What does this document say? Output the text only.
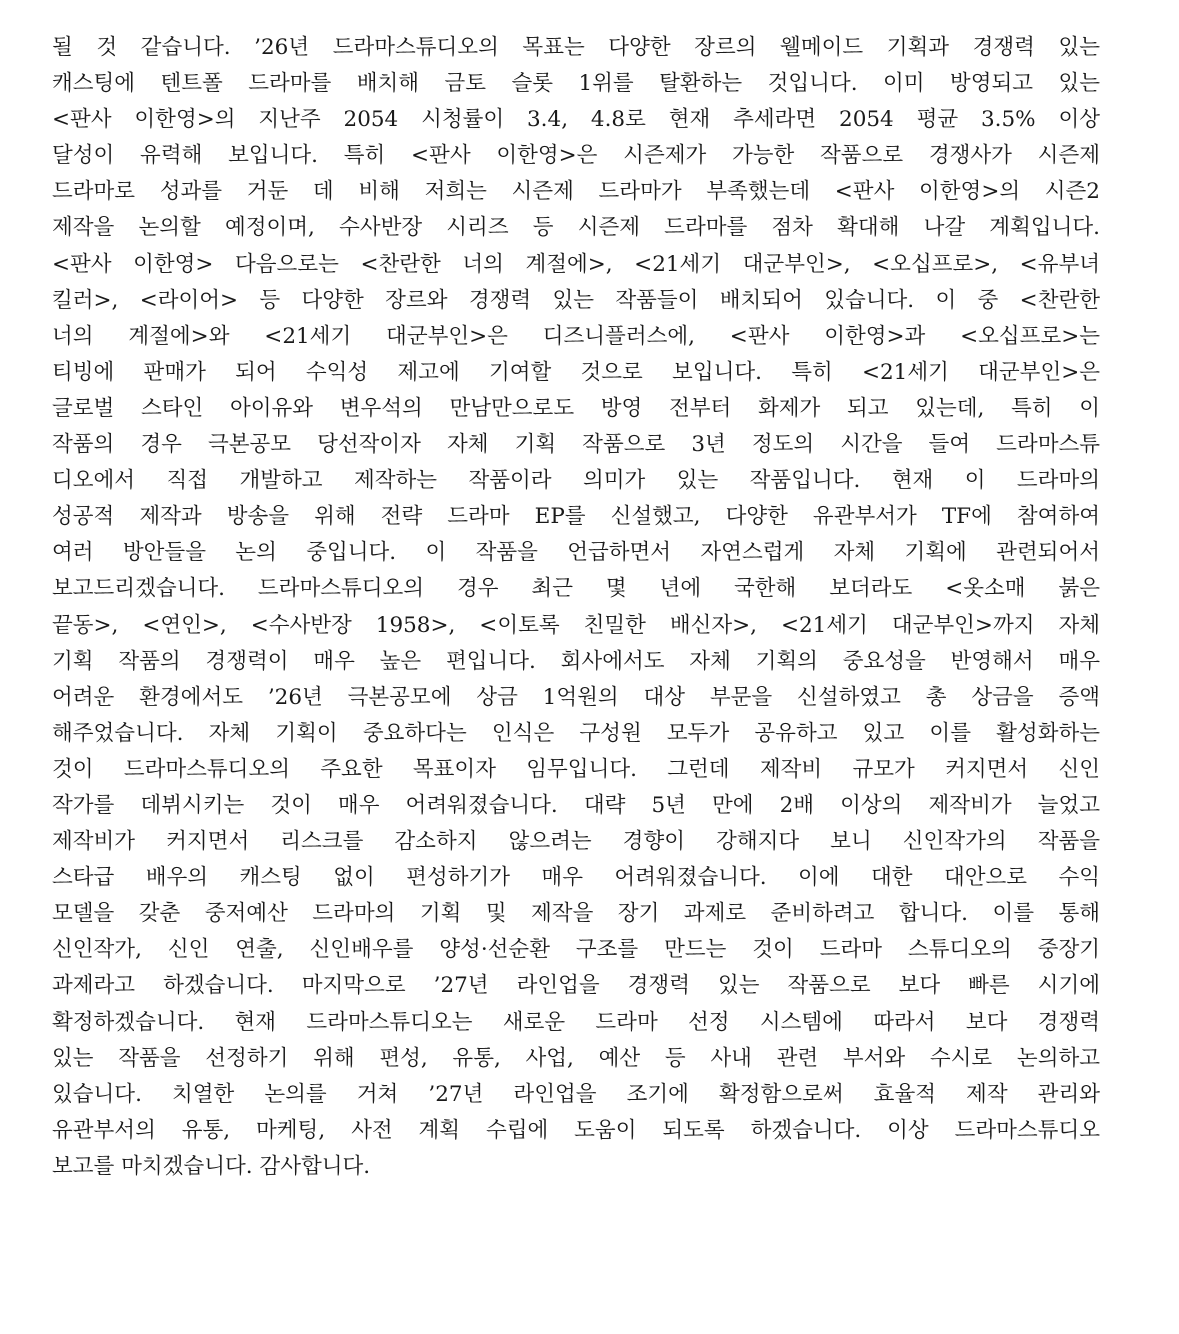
될 것 같습니다. ’26년 드라마스튜디오의 목표는 다양한 장르의 웰메이드 기획과 경쟁력 있는
캐스팅에 텐트폴 드라마를 배치해 금토 슬롯 1위를 탈환하는 것입니다. 이미 방영되고 있는
<판사 이한영>의 지난주 2054 시청률이 3.4, 4.8로 현재 추세라면 2054 평균 3.5% 이상
달성이 유력해 보입니다. 특히 <판사 이한영>은 시즌제가 가능한 작품으로 경쟁사가 시즌제
드라마로 성과를 거둔 데 비해 저희는 시즌제 드라마가 부족했는데 <판사 이한영>의 시즌2
제작을 논의할 예정이며, 수사반장 시리즈 등 시즌제 드라마를 점차 확대해 나갈 계획입니다.
<판사 이한영> 다음으로는 <찬란한 너의 계절에>, <21세기 대군부인>, <오십프로>, <유부녀
킬러>, <라이어> 등 다양한 장르와 경쟁력 있는 작품들이 배치되어 있습니다. 이 중 <찬란한
너의 계절에>와 <21세기 대군부인>은 디즈니플러스에, <판사 이한영>과 <오십프로>는
티빙에 판매가 되어 수익성 제고에 기여할 것으로 보입니다. 특히 <21세기 대군부인>은
글로벌 스타인 아이유와 변우석의 만남만으로도 방영 전부터 화제가 되고 있는데, 특히 이
작품의 경우 극본공모 당선작이자 자체 기획 작품으로 3년 정도의 시간을 들여 드라마스튜
디오에서 직접 개발하고 제작하는 작품이라 의미가 있는 작품입니다. 현재 이 드라마의
성공적 제작과 방송을 위해 전략 드라마 EP를 신설했고, 다양한 유관부서가 TF에 참여하여
여러 방안들을 논의 중입니다. 이 작품을 언급하면서 자연스럽게 자체 기획에 관련되어서
보고드리겠습니다. 드라마스튜디오의 경우 최근 몇 년에 국한해 보더라도 <옷소매 붉은
끝동>, <연인>, <수사반장 1958>, <이토록 친밀한 배신자>, <21세기 대군부인>까지 자체
기획 작품의 경쟁력이 매우 높은 편입니다. 회사에서도 자체 기획의 중요성을 반영해서 매우
어려운 환경에서도 ’26년 극본공모에 상금 1억원의 대상 부문을 신설하였고 총 상금을 증액
해주었습니다. 자체 기획이 중요하다는 인식은 구성원 모두가 공유하고 있고 이를 활성화하는
것이 드라마스튜디오의 주요한 목표이자 임무입니다. 그런데 제작비 규모가 커지면서 신인
작가를 데뷔시키는 것이 매우 어려워졌습니다. 대략 5년 만에 2배 이상의 제작비가 늘었고
제작비가 커지면서 리스크를 감소하지 않으려는 경향이 강해지다 보니 신인작가의 작품을
스타급 배우의 캐스팅 없이 편성하기가 매우 어려워졌습니다. 이에 대한 대안으로 수익
모델을 갖춘 중저예산 드라마의 기획 및 제작을 장기 과제로 준비하려고 합니다. 이를 통해
신인작가, 신인 연출, 신인배우를 양성·선순환 구조를 만드는 것이 드라마 스튜디오의 중장기
과제라고 하겠습니다. 마지막으로 ’27년 라인업을 경쟁력 있는 작품으로 보다 빠른 시기에
확정하겠습니다. 현재 드라마스튜디오는 새로운 드라마 선정 시스템에 따라서 보다 경쟁력
있는 작품을 선정하기 위해 편성, 유통, 사업, 예산 등 사내 관련 부서와 수시로 논의하고
있습니다. 치열한 논의를 거쳐 ’27년 라인업을 조기에 확정함으로써 효율적 제작 관리와
유관부서의 유통, 마케팅, 사전 계획 수립에 도움이 되도록 하겠습니다. 이상 드라마스튜디오
보고를 마치겠습니다. 감사합니다.
